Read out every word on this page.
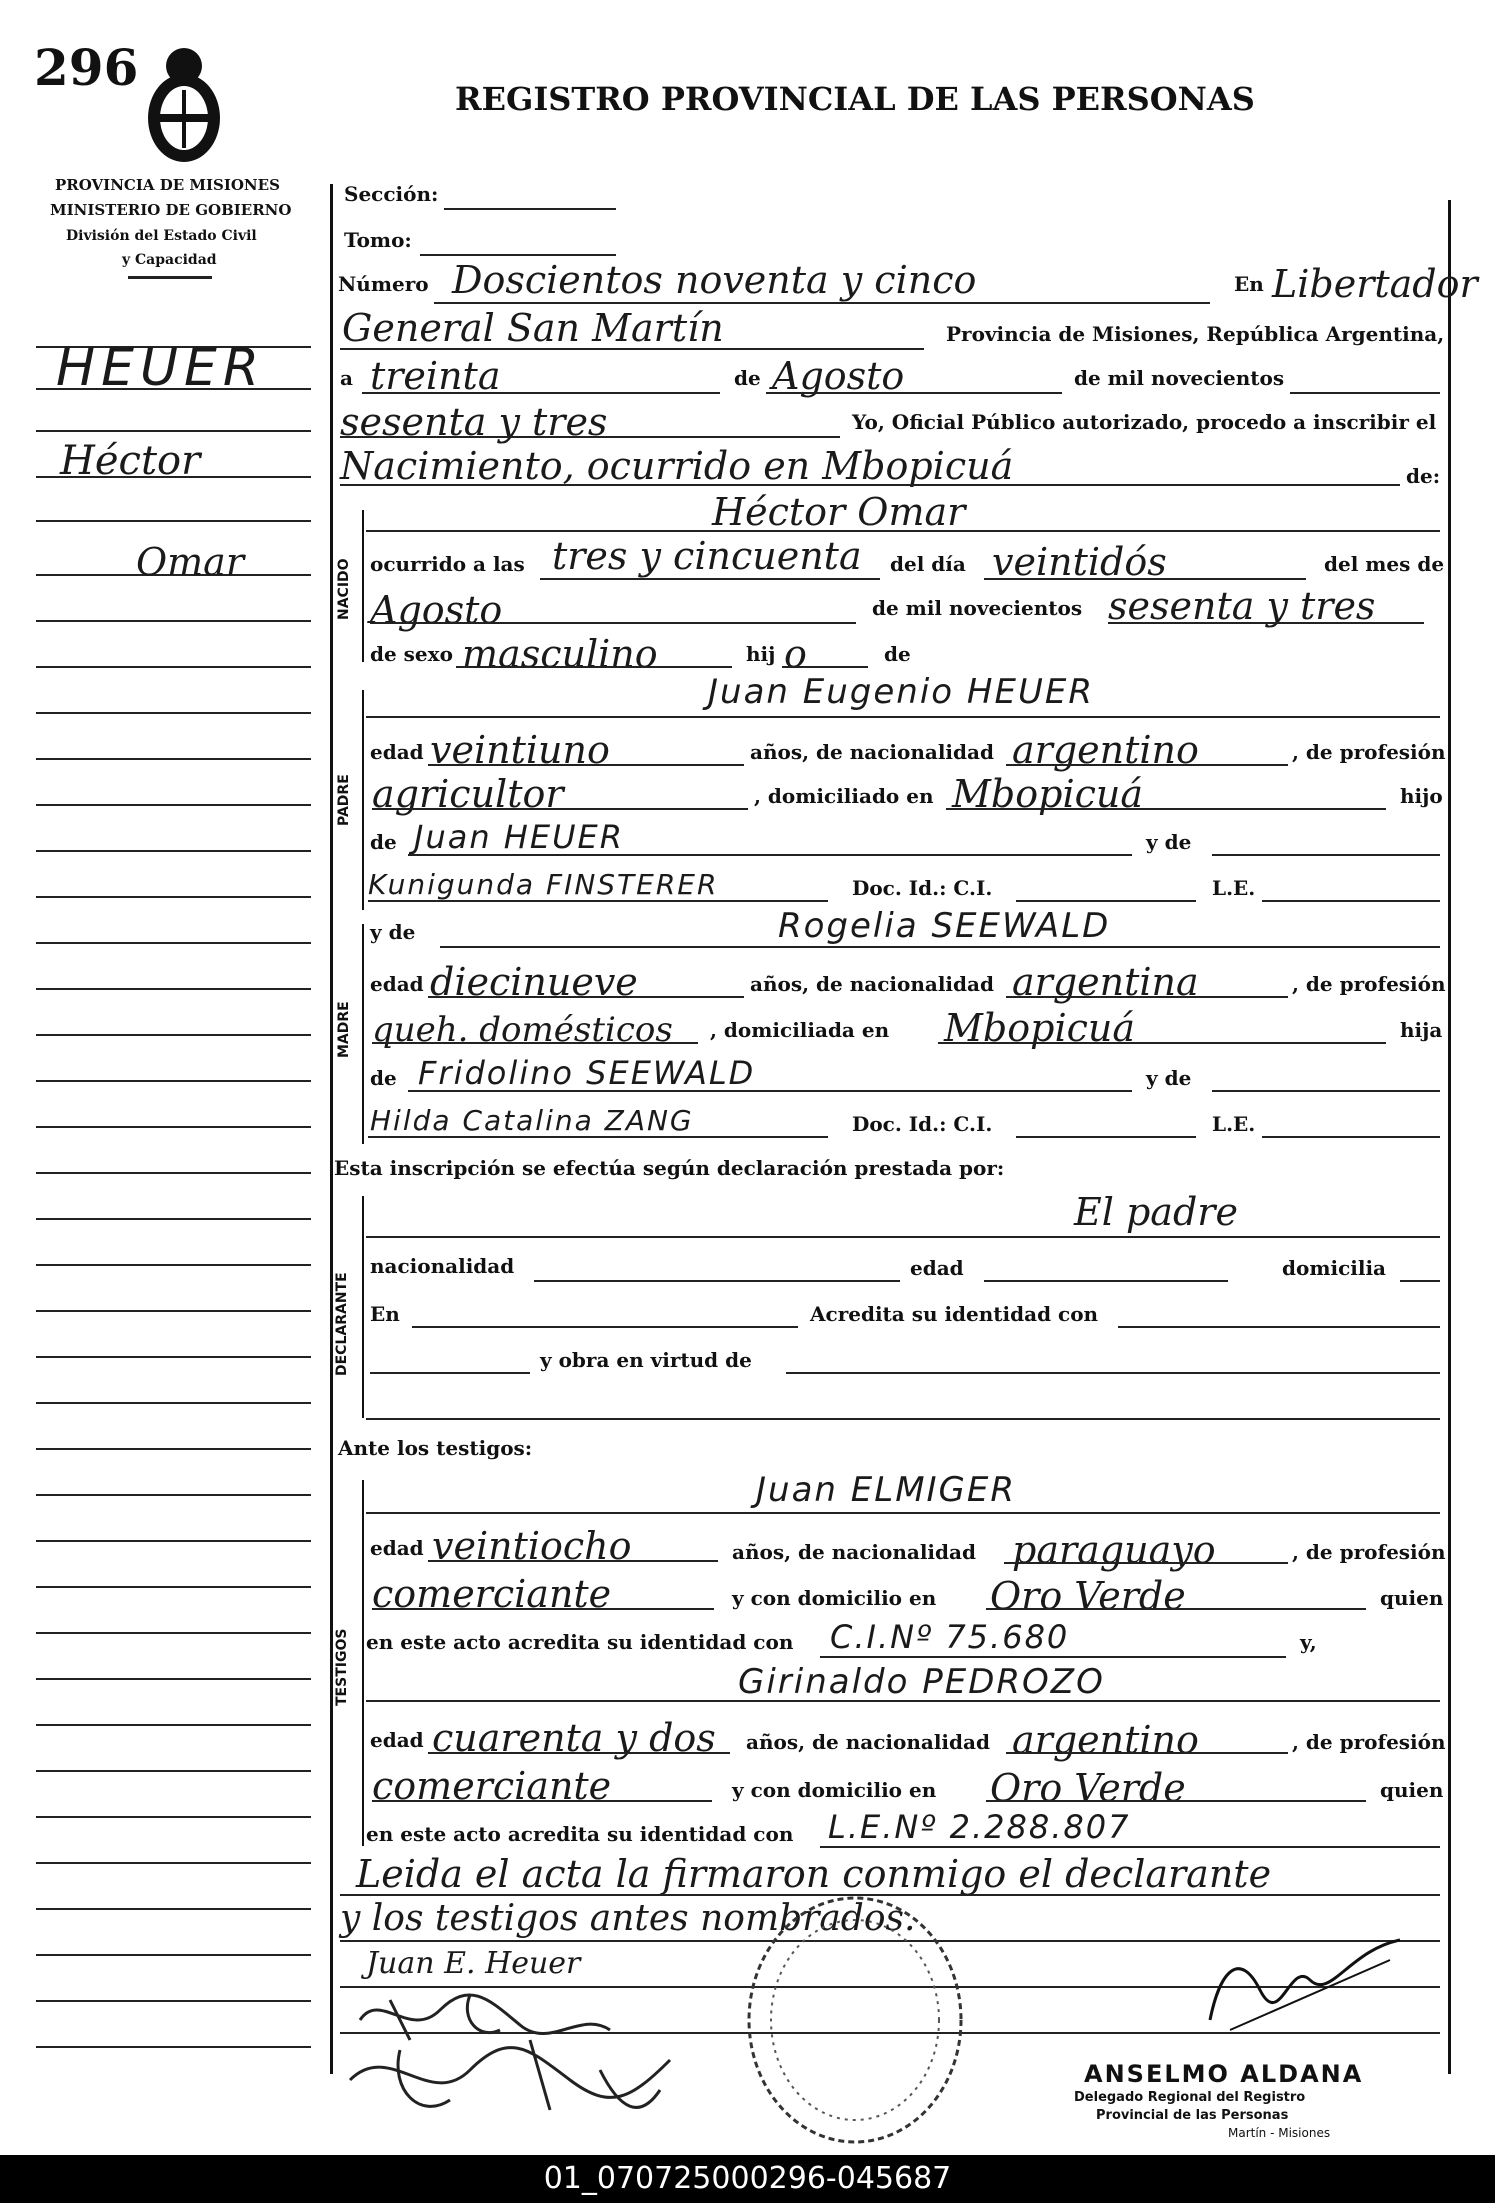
296
REGISTRO PROVINCIAL DE LAS PERSONAS
PROVINCIA DE MISIONES
MINISTERIO DE GOBIERNO
División del Estado Civil
y Capacidad
HEUER
Héctor
Omar
Sección:
Tomo:
Número Doscientos noventa y cinco	En Libertador
General San Martín	Provincia de Misiones, República Argentina,
a treinta	de Agosto	de mil novecientos
sesenta y tres	Yo, Oficial Público autorizado, procedo a inscribir el
Nacimiento, ocurrido en Mbopicuá	de:
NACIDO
Héctor Omar
ocurrido a las tres y cincuenta del día veintidós	del mes de
Agosto	de mil novecientos sesenta y tres
de sexo masculino	hij o	de
PADRE
Juan Eugenio HEUER
edad veintiuno	años, de nacionalidad argentino	, de profesión
agricultor	, domiciliado en Mbopicuá	hijo
de Juan HEUER	y de
Kunigunda FINSTERER	Doc. Id.: C.I.	L.E.
MADRE
y de	Rogelia SEEWALD
edad diecinueve	años, de nacionalidad argentina	, de profesión
queh. domésticos , domiciliada en Mbopicuá	hija
de Fridolino SEEWALD	y de
Hilda Catalina ZANG	Doc. Id.: C.I.	L.E.
Esta inscripción se efectúa según declaración prestada por:
DECLARANTE
El padre
nacionalidad	edad	domicilia
En	Acredita su identidad con
y obra en virtud de
Ante los testigos:
TESTIGOS
Juan ELMIGER
edad veintiocho	años, de nacionalidad paraguayo	, de profesión
comerciante	y con domicilio en Oro Verde	quien
en este acto acredita su identidad con C.I.Nº 75.680	y,
Girinaldo PEDROZO
edad cuarenta y dos años, de nacionalidad argentino	, de profesión
comerciante	y con domicilio en Oro Verde	quien
en este acto acredita su identidad con L.E.Nº 2.288.807
Leida el acta la firmaron conmigo el declarante
y los testigos antes nombrados.
Juan E. Heuer
ANSELMO ALDANA
Delegado Regional del Registro
Provincial de las Personas
Martín - Misiones
01_070725000296-045687
